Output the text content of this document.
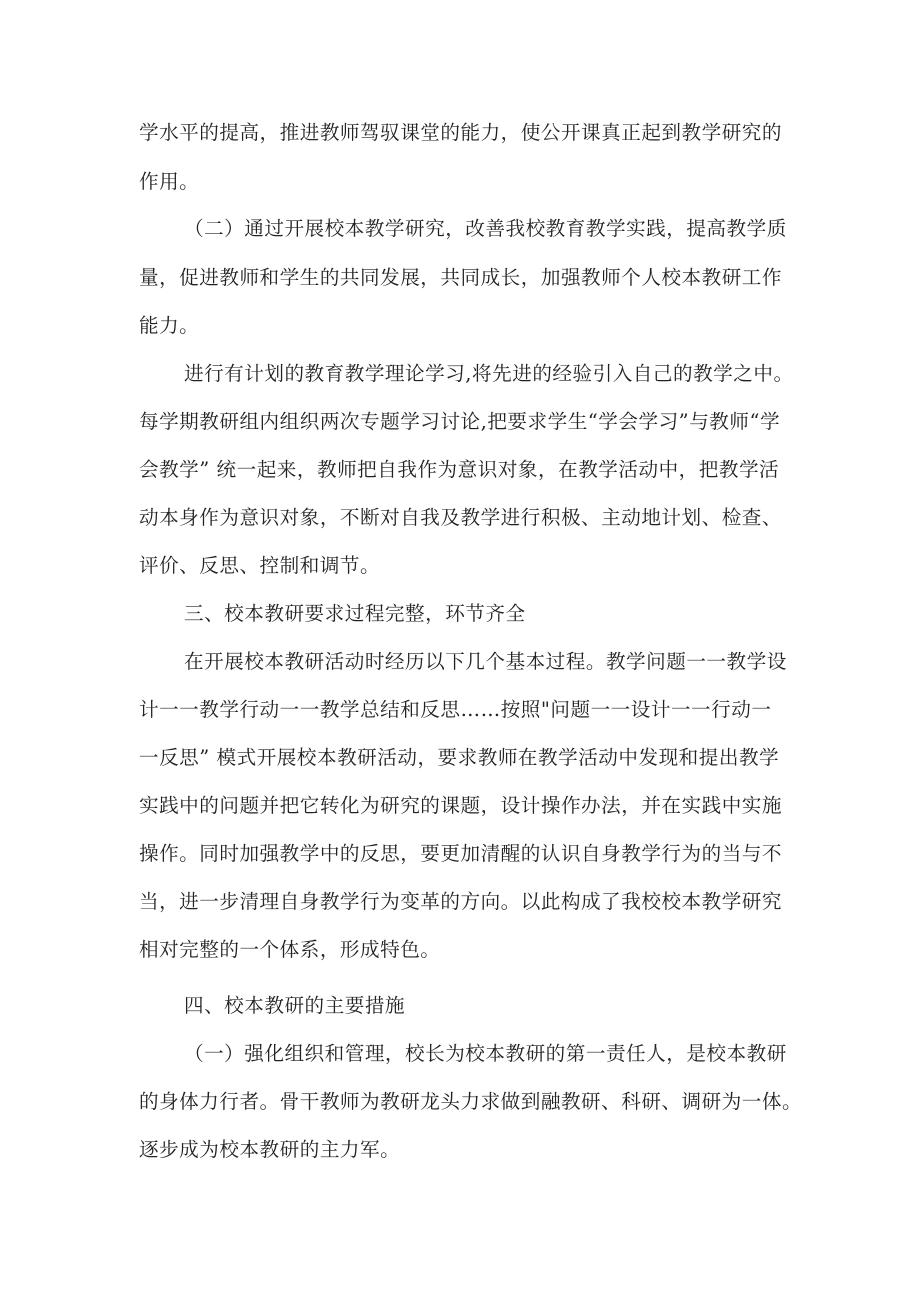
学水平的提高，推进教师驾驭课堂的能力，使公开课真正起到教学研究的
作用。
（二）通过开展校本教学研究，改善我校教育教学实践，提高教学质
量，促进教师和学生的共同发展，共同成长，加强教师个人校本教研工作
能力。
进行有计划的教育教学理论学习,将先进的经验引入自己的教学之中。
每学期教研组内组织两次专题学习讨论,把要求学生“学会学习”与教师“学
会教学” 统一起来，教师把自我作为意识对象，在教学活动中，把教学活
动本身作为意识对象，不断对自我及教学进行积极、主动地计划、检查、
评价、反思、控制和调节。
三、校本教研要求过程完整，环节齐全
在开展校本教研活动时经历以下几个基本过程。教学问题一一教学设
计一一教学行动一一教学总结和反思……按照"问题一一设计一一行动一
一反思” 模式开展校本教研活动，要求教师在教学活动中发现和提出教学
实践中的问题并把它转化为研究的课题，设计操作办法，并在实践中实施
操作。同时加强教学中的反思，要更加清醒的认识自身教学行为的当与不
当，进一步清理自身教学行为变革的方向。以此构成了我校校本教学研究
相对完整的一个体系，形成特色。
四、校本教研的主要措施
（一）强化组织和管理，校长为校本教研的第一责任人，是校本教研
的身体力行者。骨干教师为教研龙头力求做到融教研、科研、调研为一体。
逐步成为校本教研的主力军。
